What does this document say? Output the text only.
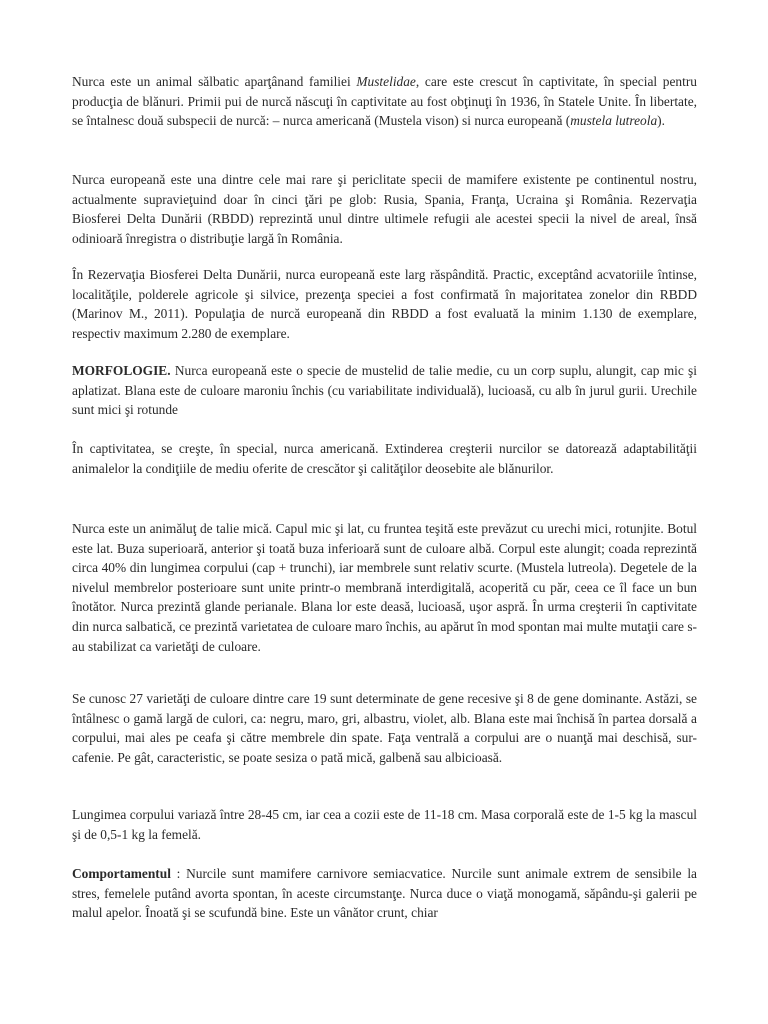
Nurca este un animal sălbatic aparţânand familiei Mustelidae, care este crescut în captivitate, în special pentru producţia de blănuri. Primii pui de nurcă născuţi în captivitate au fost obţinuţi în 1936, în Statele Unite. În libertate, se întalnesc două subspecii de nurcă: – nurca americană (Mustela vison) si nurca europeană (mustela lutreola).

Nurca europeană este una dintre cele mai rare şi periclitate specii de mamifere existente pe continentul nostru, actualmente supravieţuind doar în cinci ţări pe glob: Rusia, Spania, Franţa, Ucraina şi România. Rezervaţia Biosferei Delta Dunării (RBDD) reprezintă unul dintre ultimele refugii ale acestei specii la nivel de areal, însă odinioară înregistra o distribuţie largă în România.

În Rezervaţia Biosferei Delta Dunării, nurca europeană este larg răspândită. Practic, exceptând acvatoriile întinse, localităţile, polderele agricole şi silvice, prezenţa speciei a fost confirmată în majoritatea zonelor din RBDD (Marinov M., 2011). Populaţia de nurcă europeană din RBDD a fost evaluată la minim 1.130 de exemplare, respectiv maximum 2.280 de exemplare.

MORFOLOGIE. Nurca europeană este o specie de mustelid de talie medie, cu un corp suplu, alungit, cap mic şi aplatizat. Blana este de culoare maroniu închis (cu variabilitate individuală), lucioasă, cu alb în jurul gurii. Urechile sunt mici şi rotunde

În captivitatea, se creşte, în special, nurca americană. Extinderea creşterii nurcilor se datorează adaptabilităţii animalelor la condiţiile de mediu oferite de crescător şi calităţilor deosebite ale blănurilor.

Nurca este un animăluţ de talie mică. Capul mic şi lat, cu fruntea teşită este prevăzut cu urechi mici, rotunjite. Botul este lat. Buza superioară, anterior şi toată buza inferioară sunt de culoare albă. Corpul este alungit; coada reprezintă circa 40% din lungimea corpului (cap + trunchi), iar membrele sunt relativ scurte. (Mustela lutreola). Degetele de la nivelul membrelor posterioare sunt unite printr-o membrană interdigitală, acoperită cu păr, ceea ce îl face un bun înotător. Nurca prezintă glande perianale. Blana lor este deasă, lucioasă, uşor aspră. În urma creşterii în captivitate din nurca salbatică, ce prezintă varietatea de culoare maro închis, au apărut în mod spontan mai multe mutaţii care s-au stabilizat ca varietăţi de culoare.

Se cunosc 27 varietăţi de culoare dintre care 19 sunt determinate de gene recesive şi 8 de gene dominante. Astăzi, se întâlnesc o gamă largă de culori, ca: negru, maro, gri, albastru, violet, alb. Blana este mai închisă în partea dorsală a corpului, mai ales pe ceafa şi către membrele din spate. Faţa ventrală a corpului are o nuanţă mai deschisă, sur-cafenie. Pe gât, caracteristic, se poate sesiza o pată mică, galbenă sau albicioasă.

Lungimea corpului variază între 28-45 cm, iar cea a cozii este de 11-18 cm. Masa corporală este de 1-5 kg la mascul şi de 0,5-1 kg la femelă.

Comportamentul : Nurcile sunt mamifere carnivore semiacvatice. Nurcile sunt animale extrem de sensibile la stres, femelele putând avorta spontan, în aceste circumstanţe. Nurca duce o viaţă monogamă, săpându-şi galerii pe malul apelor. Înoată şi se scufundă bine. Este un vânător crunt, chiar
